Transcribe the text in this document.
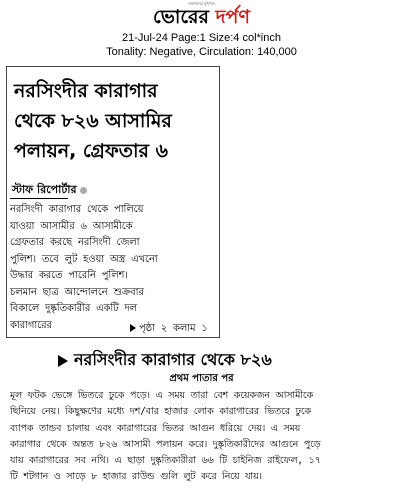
জনগণের মুখপত্র
ভোরের দর্পণ
21-Jul-24 Page:1 Size:4 col*inch
Tonality: Negative, Circulation: 140,000
নরসিংদীর কারাগার
থেকে ৮২৬ আসামির
পলায়ন, গ্রেফতার ৬
স্টাফ রিপোর্টার
নরসিংদী কারাগার থেকে পালিয়ে
যাওয়া আসামীর ৬ আসামীকে
গ্রেফতার করছে নরসিংদী জেলা
পুলিশ। তবে লুট হওয়া অস্ত্র এখনো
উদ্ধার করতে পারেনি পুলিশ।
চলমান ছাত্র আন্দোলনে শুক্রবার
বিকালে দুষ্কৃতিকারীর একটি দল
কারাগারের	পৃষ্ঠা ২ কলাম ১
নরসিংদীর কারাগার থেকে ৮২৬
প্রথম পাতার পর
মূল ফটক ভেঙ্গে ভিতরে ঢুকে পড়ে। এ সময় তারা বেশ কয়েকজন আসামীকে
ছিনিয়ে নেয়। কিছুক্ষণের মধ্যে দশ/বার হাজার লোক কারাগারের ভিতরে ঢুকে
ব্যাপক তান্ডব চালায় এবং কারাগারের ভিতর আগুন ধরিয়ে দেয়। এ সময়
কারাগার থেকে অন্তত ৮২৬ আসামী পলায়ন করে। দুষ্কৃতিকারীদের আগুনে পুড়ে
যায় কারাগারের সব নথি। এ ছাড়া দুষ্কৃতিকারীরা ৬৬ টি চাইনিজ রাইফেল, ১৭
টি শটগান ও সাড়ে ৮ হাজার রাউন্ড গুলি লুট করে নিয়ে যায়।
